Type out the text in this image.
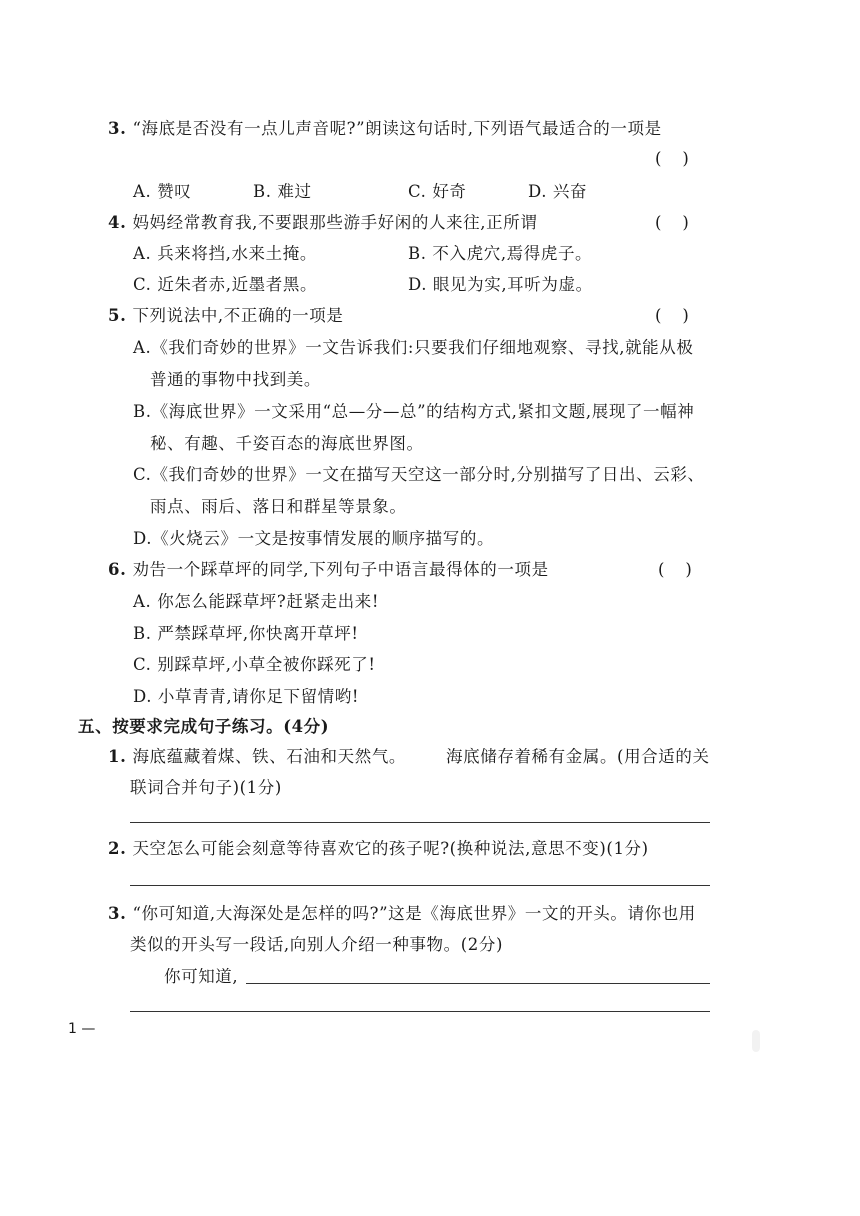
3. “海底是否没有一点儿声音呢?”朗读这句话时,下列语气最适合的一项是
(    )
A. 赞叹	B. 难过	C. 好奇	D. 兴奋
4. 妈妈经常教育我,不要跟那些游手好闲的人来往,正所谓	(    )
A. 兵来将挡,水来土掩。	B. 不入虎穴,焉得虎子。
C. 近朱者赤,近墨者黑。	D. 眼见为实,耳听为虚。
5. 下列说法中,不正确的一项是	(    )
A.《我们奇妙的世界》一文告诉我们:只要我们仔细地观察、寻找,就能从极
普通的事物中找到美。
B.《海底世界》一文采用“总—分—总”的结构方式,紧扣文题,展现了一幅神
秘、有趣、千姿百态的海底世界图。
C.《我们奇妙的世界》一文在描写天空这一部分时,分别描写了日出、云彩、
雨点、雨后、落日和群星等景象。
D.《火烧云》一文是按事情发展的顺序描写的。
6. 劝告一个踩草坪的同学,下列句子中语言最得体的一项是	(    )
A. 你怎么能踩草坪?赶紧走出来!
B. 严禁踩草坪,你快离开草坪!
C. 别踩草坪,小草全被你踩死了!
D. 小草青青,请你足下留情哟!
五、按要求完成句子练习。(4分)
1. 海底蕴藏着煤、铁、石油和天然气。 海底储存着稀有金属。(用合适的关
联词合并句子)(1分)
2. 天空怎么可能会刻意等待喜欢它的孩子呢?(换种说法,意思不变)(1分)
3. “你可知道,大海深处是怎样的吗?”这是《海底世界》一文的开头。请你也用
类似的开头写一段话,向别人介绍一种事物。(2分)
你可知道,
1 —
